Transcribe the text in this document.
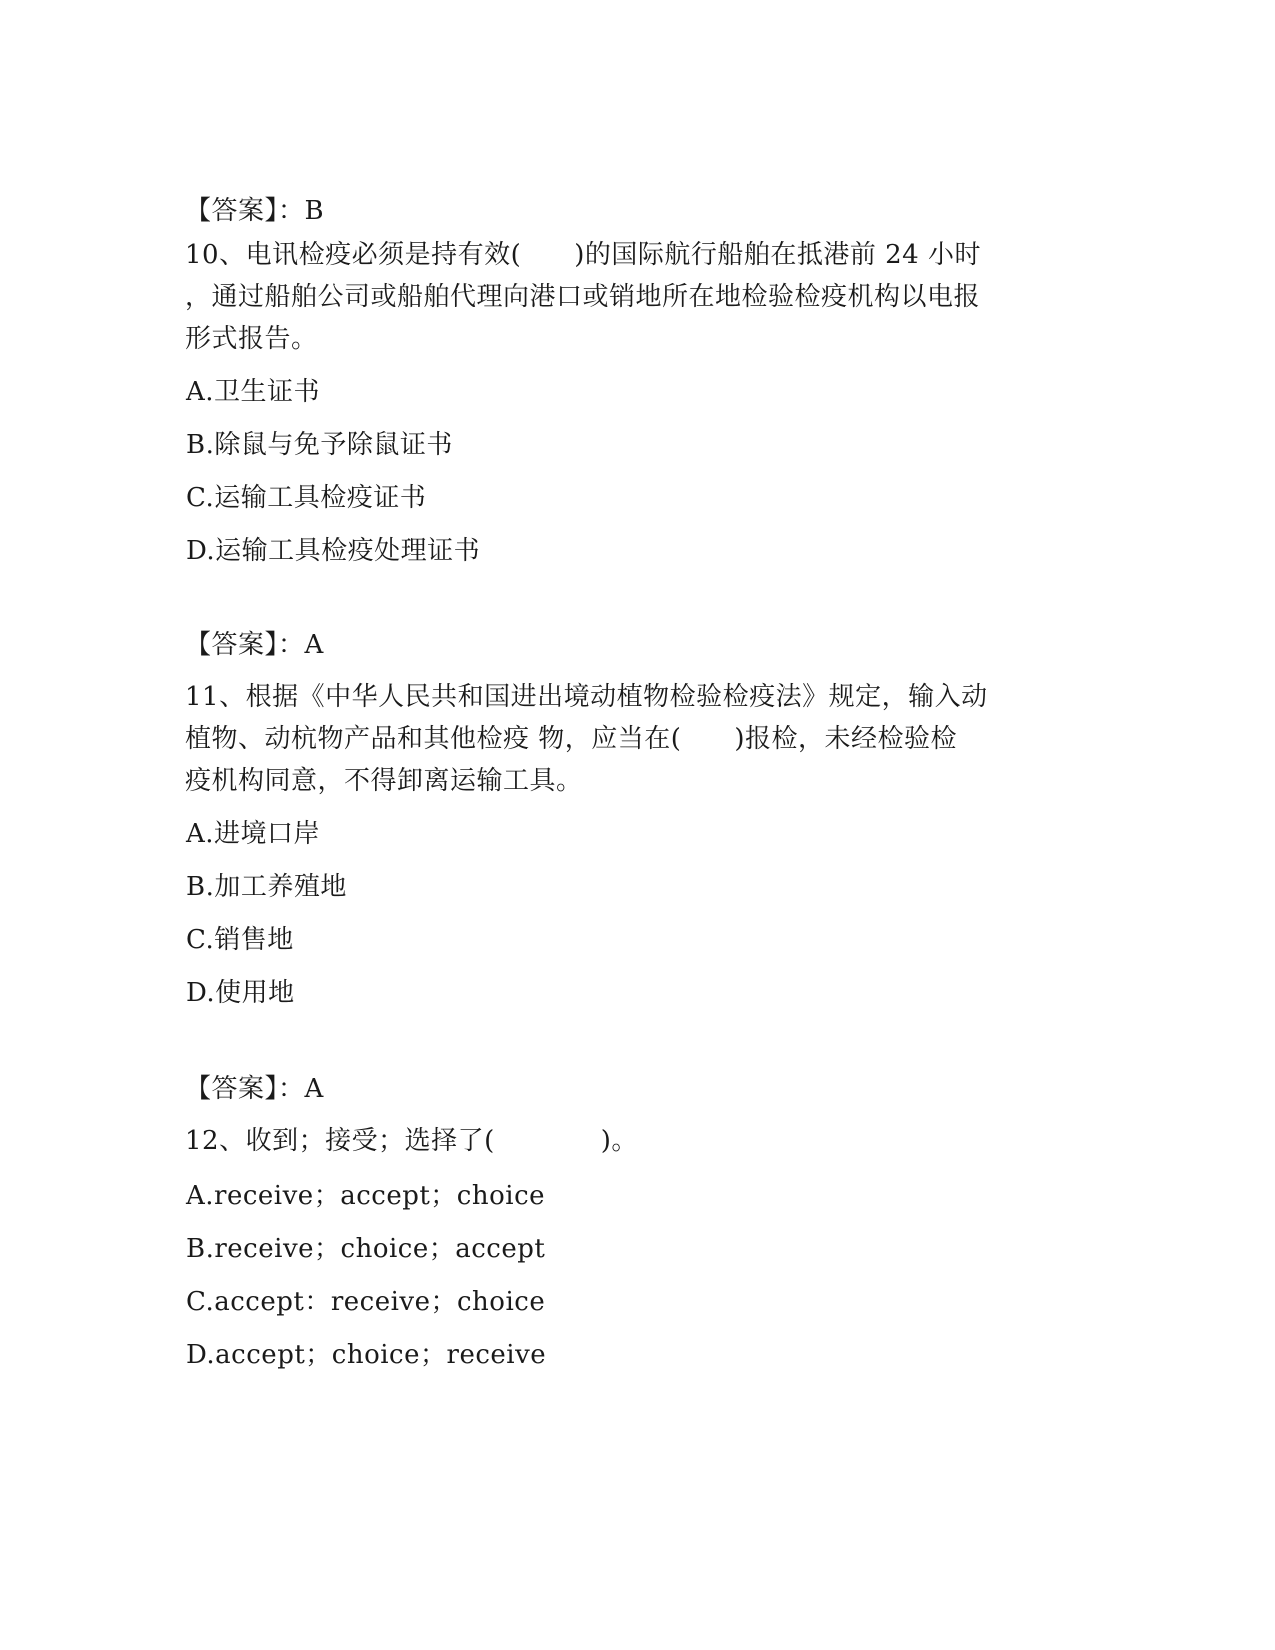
【答案】：B
10、电讯检疫必须是持有效(　　)的国际航行船舶在抵港前 24 小时
，通过船舶公司或船舶代理向港口或销地所在地检验检疫机构以电报
形式报告。
A.卫生证书
B.除鼠与免予除鼠证书
C.运输工具检疫证书
D.运输工具检疫处理证书
【答案】：A
11、根据《中华人民共和国进出境动植物检验检疫法》规定，输入动
植物、动杭物产品和其他检疫 物，应当在(　　)报检，未经检验检
疫机构同意，不得卸离运输工具。
A.进境口岸
B.加工养殖地
C.销售地
D.使用地
【答案】：A
12、收到；接受；选择了(　　　　)。
A.receive；accept；choice
B.receive；choice；accept
C.accept：receive；choice
D.accept；choice；receive
